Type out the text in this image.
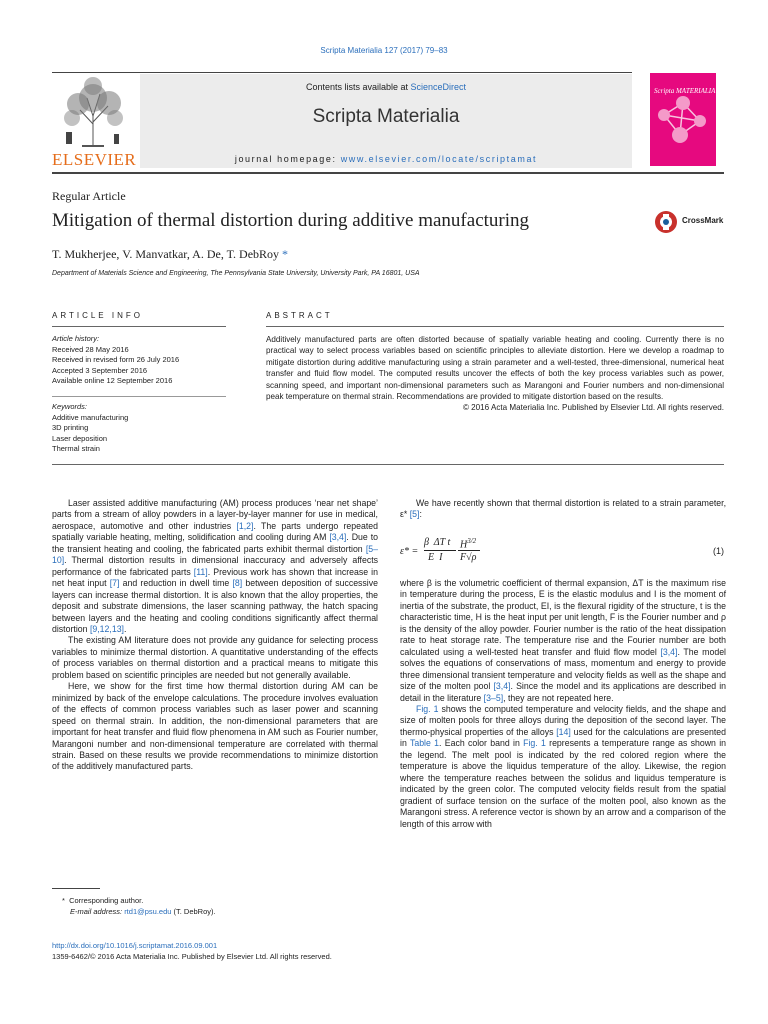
Scripta Materialia 127 (2017) 79–83
ELSEVIER
Contents lists available at ScienceDirect
Scripta Materialia
journal homepage: www.elsevier.com/locate/scriptamat
Scripta MATERIALIA
Regular Article
Mitigation of thermal distortion during additive manufacturing	CrossMark
T. Mukherjee, V. Manvatkar, A. De, T. DebRoy *
Department of Materials Science and Engineering, The Pennsylvania State University, University Park, PA 16801, USA
ARTICLE INFO
Article history:
Received 28 May 2016
Received in revised form 26 July 2016
Accepted 3 September 2016
Available online 12 September 2016
Keywords:
Additive manufacturing
3D printing
Laser deposition
Thermal strain
ABSTRACT
Additively manufactured parts are often distorted because of spatially variable heating and cooling. Currently there is no practical way to select process variables based on scientific principles to alleviate distortion. Here we develop a roadmap to mitigate distortion during additive manufacturing using a strain parameter and a well-tested, three-dimensional, numerical heat transfer and fluid flow model. The computed results uncover the effects of both the key process variables such as power, scanning speed, and important non-dimensional parameters such as Marangoni and Fourier numbers and non-dimensional peak temperature on thermal strain. Recommendations are provided to mitigate distortion based on the results.
© 2016 Acta Materialia Inc. Published by Elsevier Ltd. All rights reserved.

Laser assisted additive manufacturing (AM) process produces ‘near net shape’ parts from a stream of alloy powders in a layer-by-layer manner for use in medical, aerospace, automotive and other industries [1,2]. The parts undergo repeated spatially variable heating, melting, solidification and cooling during AM [3,4]. Due to the transient heating and cooling, the fabricated parts exhibit thermal distortion [5–10]. Thermal distortion results in dimensional inaccuracy and adversely affects performance of the fabricated parts [11]. Previous work has shown that increase in net heat input [7] and reduction in dwell time [8] between deposition of successive layers can increase thermal distortion. It is also known that the alloy properties, the deposit and substrate dimensions, the laser scanning pathway, the hatch spacing between layers and the heating and cooling conditions significantly affect thermal distortion [9,12,13].

The existing AM literature does not provide any guidance for selecting process variables to minimize thermal distortion. A quantitative understanding of the effects of process variables on thermal distortion and a practical means to mitigate this problem based on scientific principles are needed but not generally available.

Here, we show for the first time how thermal distortion during AM can be minimized by back of the envelope calculations. The procedure involves evaluation of the effects of common process variables such as laser power and scanning speed on thermal strain. In addition, the non-dimensional parameters that are important for heat transfer and fluid flow phenomena in AM such as Fourier number, Marangoni number and non-dimensional temperature are correlated with thermal strain. Based on these results we provide recommendations to minimize distortion of the additively manufactured parts.

We have recently shown that thermal distortion is related to a strain parameter, ε* [5]:

ε* =
β  ΔT t
E  I
$H^{3/2}$
F√ρ
(1)

where β is the volumetric coefficient of thermal expansion, ΔT is the maximum rise in temperature during the process, E is the elastic modulus and I is the moment of inertia of the substrate, the product, EI, is the flexural rigidity of the structure, t is the characteristic time, H is the heat input per unit length, F is the Fourier number and ρ is the density of the alloy powder. Fourier number is the ratio of the heat dissipation rate to heat storage rate. The temperature rise and the Fourier number are both calculated using a well-tested heat transfer and fluid flow model [3,4]. The model solves the equations of conservations of mass, momentum and energy to provide three dimensional transient temperature and velocity fields as well as the shape and size of the molten pool [3,4]. Since the model and its applications are described in detail in the literature [3–5], they are not repeated here.

Fig. 1 shows the computed temperature and velocity fields, and the shape and size of molten pools for three alloys during the deposition of the second layer. The thermo-physical properties of the alloys [14] used for the calculations are presented in Table 1. Each color band in Fig. 1 represents a temperature range as shown in the legend. The melt pool is indicated by the red colored region where the temperature is above the liquidus temperature of the alloy. Likewise, the region where the temperature reaches between the solidus and liquidus temperature is indicated by the green color. The computed velocity fields result from the spatial gradient of surface tension on the surface of the molten pool, also known as the Marangoni stress. A reference vector is shown by an arrow and a comparison of the length of this arrow with

* Corresponding author.
E-mail address: rtd1@psu.edu (T. DebRoy).
http://dx.doi.org/10.1016/j.scriptamat.2016.09.001
1359-6462/© 2016 Acta Materialia Inc. Published by Elsevier Ltd. All rights reserved.
